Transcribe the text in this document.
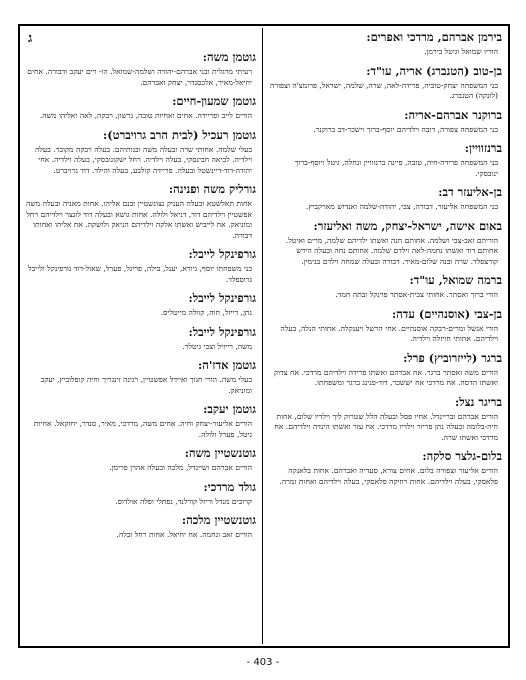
בירמן אברהם, מרדכי ואפרים:

הוריו שמואל וגיטל בירמן.

בן-טוב (הטנברג) אריה, עו"ד:

בני המשפחה יצחק-טוביה, פרידה-לאה, שרה, שלמה, ישראל, פרומצ'ה וצפורה (לונקה) הטנברג.

ברוקנר אברהם-אריה:

בני המשפחה צפורה, דובה וילדיהם יוסף-ברוך וישכר-דב ברוקנר.

ברנזוויין:

בני המשפחה פרידה-חיה, טובה, פיינה ברנזוויין ונחלה, גיטל ויוסף-ברוך ינובסקי.

בן-אליעזר דב:

בני המשפחה אליעזר, דבורה, צבי, יהודה-שלמה ואנדוש מארקביץ.

באום אישה, ישראל-יצחק, משה ואליעזר:

הוריהם זאב-צבי ושלמה. אחותם חנה ואשתו ילדיהם שלמה, מרים ואיטל. אחותם דוד ואשתו נחמה-לאה וילדם שלמה. אחותם נחה ובעלה הירש קורצפלד. שרה ובנה שלום-מאיר. דבורה ובעלה שמחה וילדם בנימין.

ברמה שמואל, עו"ד:

הורי ברוך ואסתר. אחותי צבית-אסתר פרנקל ובתה חמד.

בן-צבי (אוסנהיים) עדה:

הורי אנשל ומרים-רבקה אוסנהיים. אחי הרשל ויענקלה. אחותי הנלה, בעלה וילדיהם. אחותי חויזלה וילדיה.

ברגר (לייזרוביץ) פרל:

הורים משה ואסתר ברגר. אח אברהם ואשתו פרידה וילדיהם מרדכי. אח צדוק ואשתו הדסה. אח מרדכי אח יששכר, דוד-פנינג ברגר ומשפחתו.

בריגר נצל:

הורים אברהם ובריינדל. אחיו פסל ובעלה הלל שטרוק ליך וילדיו שלום, אחות חיה-בלומה ובעלה נתן פריזר וילדיו מרדכי. אח עזר ואשתו הינדה וילדיהם. אח מרדכי ואשתו שרה.

בלום-גלצר סלקה:

הורים אליעזר וצפורה בלום. אחים צורא, סעדיה ואברהם. אחות בלאנקה פלאסקי, בעלה וילדיהם. אחות רוזיקה פלאסקי, בעלה וילדיהם ואחות זמרה.

ג
גוטמן משה:

רעיתי מרגלית ובני אברהם-יהודה ושלמה-שמואל. הו- רים יעקב ודבורה. אחים יחיאל-מאיר, אלכסנדר, יצחק ואברהם.

גוטמן שמעון-חיים:

הורים לייב ופריידה. אחים ואחיות טובה, גרשון, רבקה, לאה ואליהו משה.

גוטמן רעכיל (לבית הרב גרויברט):

בעלי שלמה. אחותי שרה ובעלה משה ובנותיהם. בעלה רבקה מקובר. בעלה וילדיה. לביאה חבינסקי, בעלה וילדיה. רחל ישקונובסקי, בעלה וילדיה. אחי יהודה-דוד-דיינשטל ובעלה. פריידה קולבע, בעלה והילד. דוד גרויברט.

גורליק משה ופנינה:

אחות תאלשטא ובעלה העניק גצונשטיין ובנם אליהו. אחות מאניה ובעלה משה אפשטיין וילדיהם דוד, דניאל ולולה. אחות גושא ובעלה דוד לונצר וילדיהם רחל ומוניאק. אח לייביש ואשתו אלקה וילדיהם הניאק ולושקה. אח אליהו ואחותו דבורה.

גורפינקל לייבל:

בני משפחתו יוסף, גיורא, יענל, בילה, פריגל, פערל, שאול-דוד גורפינקל ולייבל גרוספלד.

גורפינקל לייבל:

נתן, דייזל, חוה, קוולה מייטליס.

גורפינקל לייבל:

משה, רייזיל וצבי גיטלר.

גוטמן אדז'ה:

בעלי משה. הורי חנוך ואיידל אפשטיין, רגינה זינגריך וחיה קופלוביץ, יעקב ומוניאק.

גוטמן יעקב:

הורים אליעזר-יצחק וחיה. אחים משה, מרדכי, מאיר, סנדר, יחזקאל. אחיות גיטל, פערל ולולה.

גוטנשטיין משה:

הורים אברהם ושיינדל, מלכה ובעלה אהרן פרימן.

גולד מרדכי:

קרובים מנדל וריזל קורלנד, נפתלי ופלה אולדוס.

גוטנשטיין מלכה:

הורים זאב ונחמה. אח יחיאל. אחות רחל ובלה.

- 403 -
